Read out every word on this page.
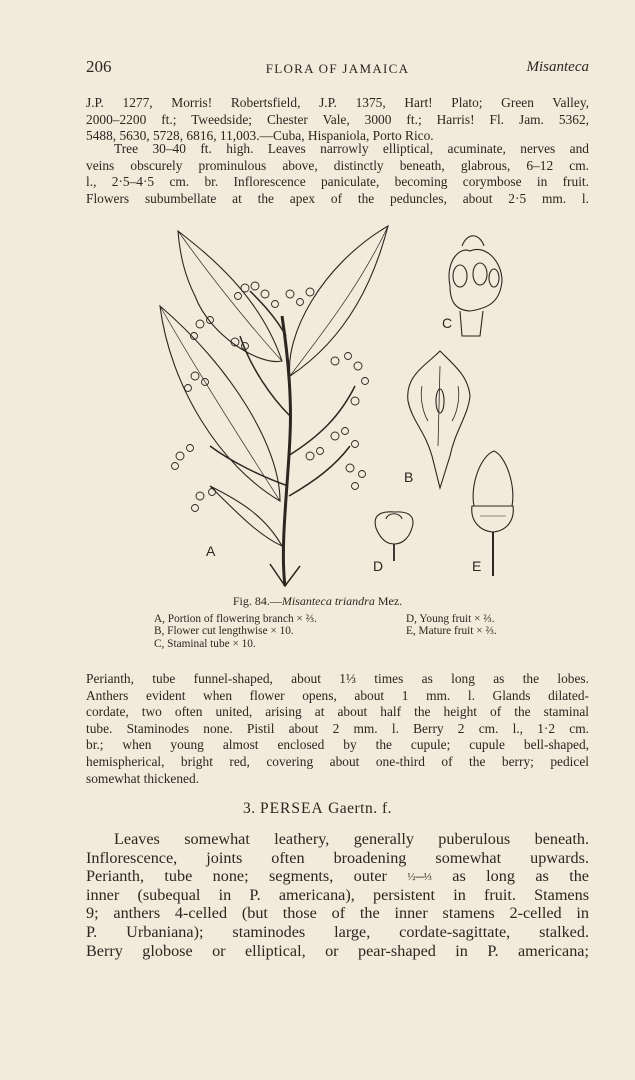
206	FLORA OF JAMAICA	Misanteca
J.P. 1277, Morris! Robertsfield, J.P. 1375, Hart! Plato; Green Valley,
2000–2200 ft.; Tweedside; Chester Vale, 3000 ft.; Harris! Fl. Jam. 5362,
5488, 5630, 5728, 6816, 11,003.—Cuba, Hispaniola, Porto Rico.
Tree 30–40 ft. high. Leaves narrowly elliptical, acuminate, nerves and
veins obscurely prominulous above, distinctly beneath, glabrous, 6–12 cm.
l., 2·5–4·5 cm. br. Inflorescence paniculate, becoming corymbose in fruit.
Flowers subumbellate at the apex of the peduncles, about 2·5 mm. l.
A
B
C
D	E
Fig. 84.—Misanteca triandra Mez.
A, Portion of flowering branch × ⅔.
B, Flower cut lengthwise × 10.
C, Staminal tube × 10.
D, Young fruit × ⅔.
E, Mature fruit × ⅔.
Perianth, tube funnel-shaped, about 1⅓ times as long as the lobes.
Anthers evident when flower opens, about 1 mm. l. Glands dilated-
cordate, two often united, arising at about half the height of the staminal
tube. Staminodes none. Pistil about 2 mm. l. Berry 2 cm. l., 1·2 cm.
br.; when young almost enclosed by the cupule; cupule bell-shaped,
hemispherical, bright red, covering about one-third of the berry; pedicel
somewhat thickened.
3. PERSEA Gaertn. f.
Leaves somewhat leathery, generally puberulous beneath.
Inflorescence, joints often broadening somewhat upwards.
Perianth, tube none; segments, outer ½–⅓ as long as the
inner (subequal in P. americana), persistent in fruit. Stamens
9; anthers 4-celled (but those of the inner stamens 2-celled in
P. Urbaniana); staminodes large, cordate-sagittate, stalked.
Berry globose or elliptical, or pear-shaped in P. americana;
